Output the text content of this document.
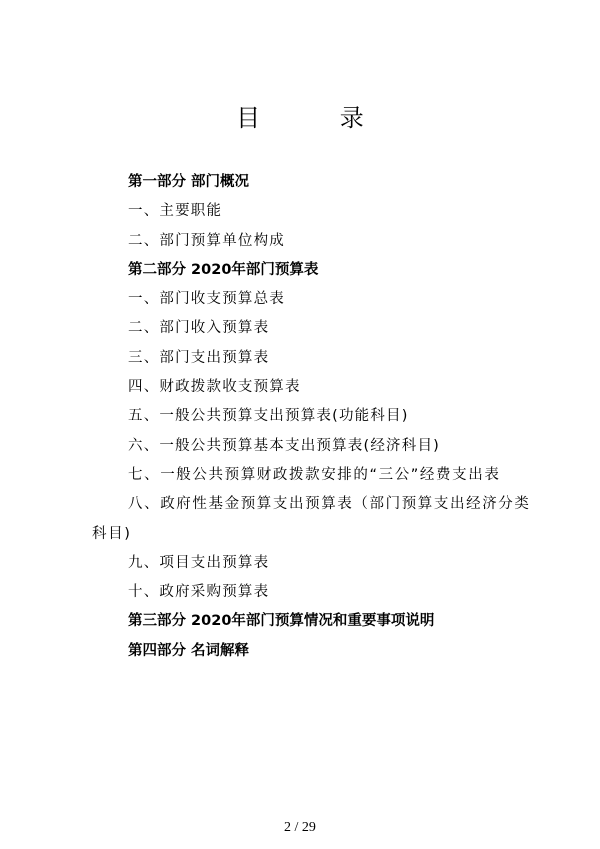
目 录
第一部分 部门概况
一、主要职能
二、部门预算单位构成
第二部分 2020年部门预算表
一、部门收支预算总表
二、部门收入预算表
三、部门支出预算表
四、财政拨款收支预算表
五、一般公共预算支出预算表(功能科目)
六、一般公共预算基本支出预算表(经济科目)
七、一般公共预算财政拨款安排的“三公”经费支出表
八、政府性基金预算支出预算表（部门预算支出经济分类科目)
九、项目支出预算表
十、政府采购预算表
第三部分 2020年部门预算情况和重要事项说明
第四部分 名词解释
2 / 29
